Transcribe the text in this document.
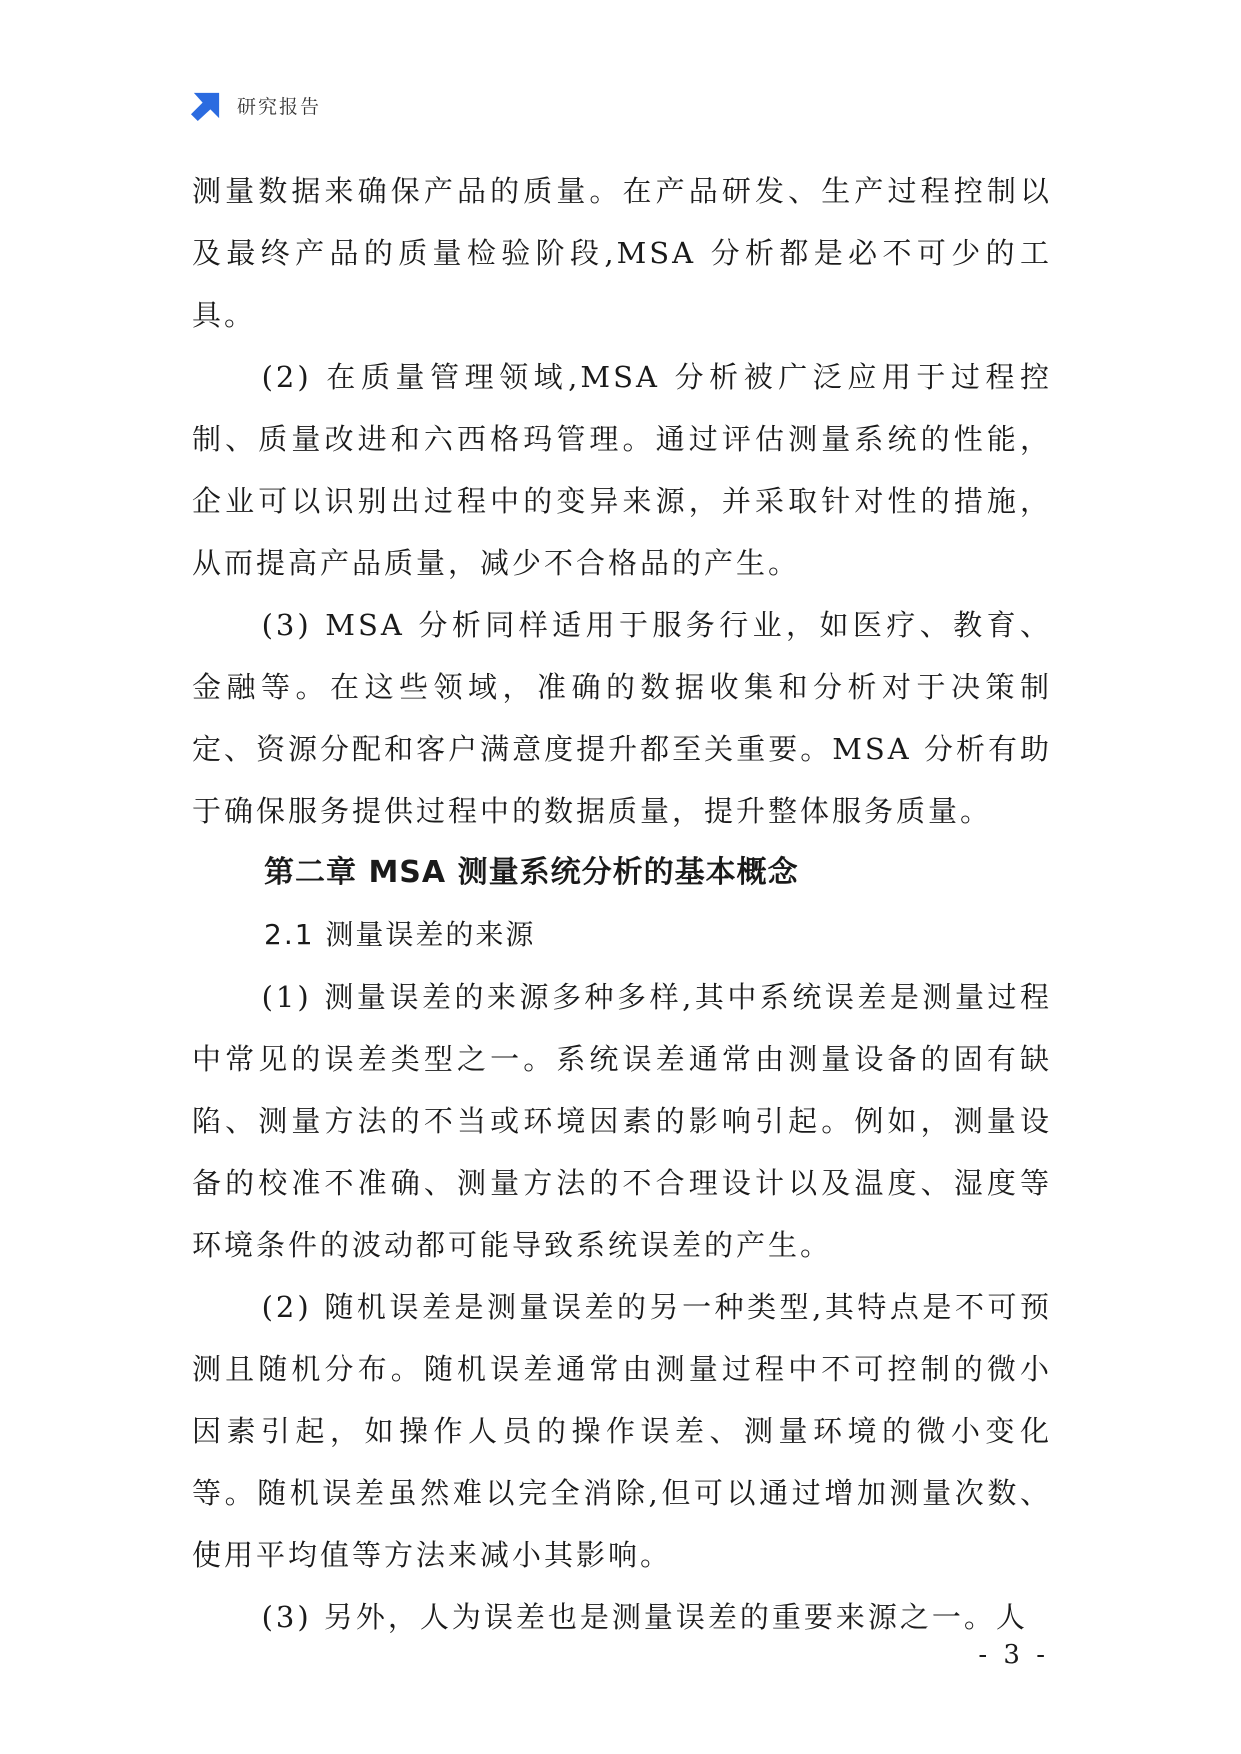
研究报告

测量数据来确保产品的质量。在产品研发、生产过程控制以及最终产品的质量检验阶段,MSA 分析都是必不可少的工具。

(2) 在质量管理领域,MSA 分析被广泛应用于过程控制、质量改进和六西格玛管理。通过评估测量系统的性能，企业可以识别出过程中的变异来源，并采取针对性的措施，从而提高产品质量，减少不合格品的产生。

(3) MSA 分析同样适用于服务行业，如医疗、教育、金融等。在这些领域，准确的数据收集和分析对于决策制定、资源分配和客户满意度提升都至关重要。MSA 分析有助于确保服务提供过程中的数据质量，提升整体服务质量。

第二章 MSA 测量系统分析的基本概念

2.1 测量误差的来源

(1) 测量误差的来源多种多样,其中系统误差是测量过程中常见的误差类型之一。系统误差通常由测量设备的固有缺陷、测量方法的不当或环境因素的影响引起。例如，测量设备的校准不准确、测量方法的不合理设计以及温度、湿度等环境条件的波动都可能导致系统误差的产生。

(2) 随机误差是测量误差的另一种类型,其特点是不可预测且随机分布。随机误差通常由测量过程中不可控制的微小因素引起，如操作人员的操作误差、测量环境的微小变化等。随机误差虽然难以完全消除,但可以通过增加测量次数、使用平均值等方法来减小其影响。

(3) 另外，人为误差也是测量误差的重要来源之一。人

- 3 -
